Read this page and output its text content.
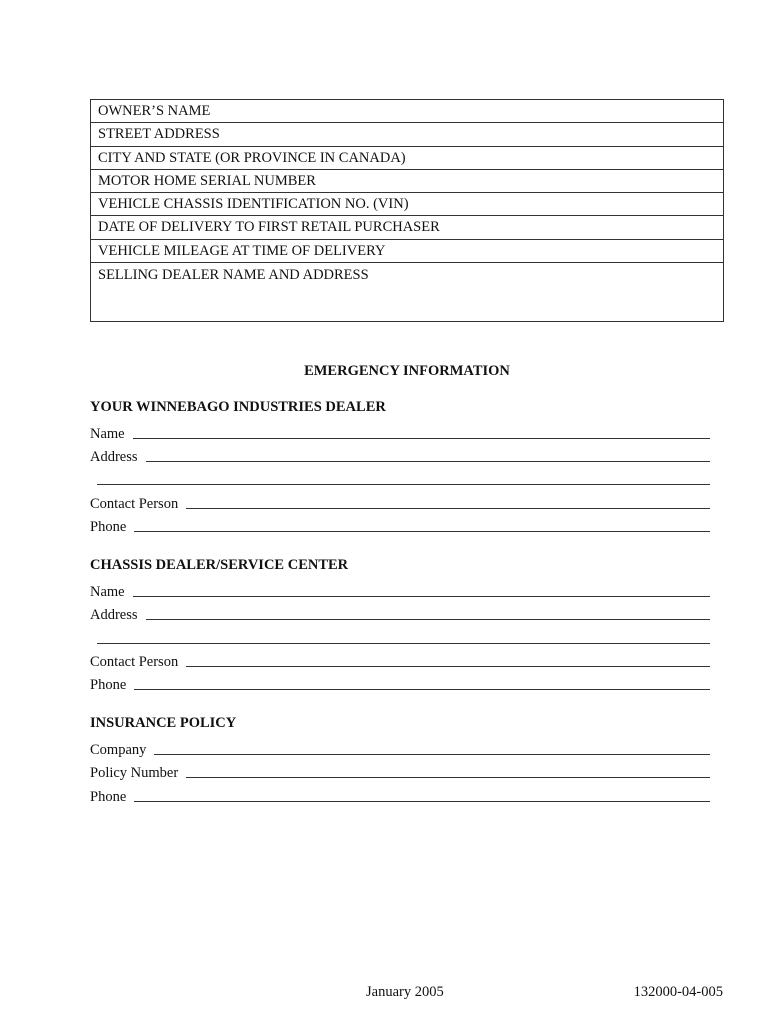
OWNER’S NAME
STREET ADDRESS
CITY AND STATE (OR PROVINCE IN CANADA)
MOTOR HOME SERIAL NUMBER
VEHICLE CHASSIS IDENTIFICATION NO. (VIN)
DATE OF DELIVERY TO FIRST RETAIL PURCHASER
VEHICLE MILEAGE AT TIME OF DELIVERY
SELLING DEALER NAME AND ADDRESS
EMERGENCY INFORMATION
YOUR WINNEBAGO INDUSTRIES DEALER
Name
Address
Contact Person
Phone
CHASSIS DEALER/SERVICE CENTER
Name
Address
Contact Person
Phone
INSURANCE POLICY
Company
Policy Number
Phone
January 2005	132000-04-005
